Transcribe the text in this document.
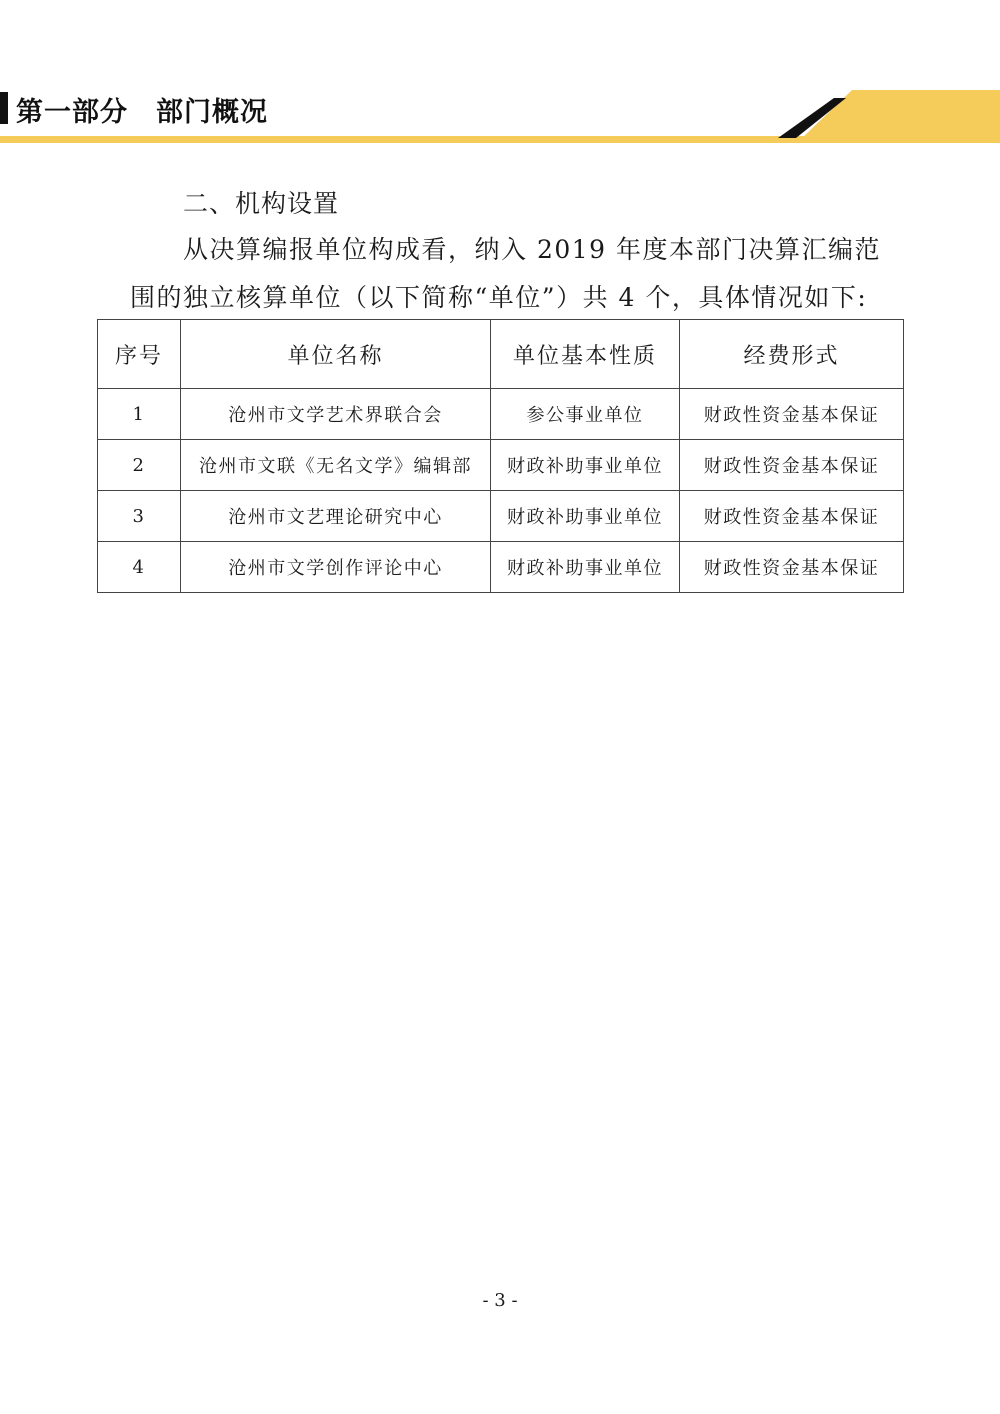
第一部分　部门概况
二、机构设置
从决算编报单位构成看，纳入 2019 年度本部门决算汇编范
围的独立核算单位（以下简称“单位”）共 4 个，具体情况如下:
序号	单位名称	单位基本性质	经费形式
1	沧州市文学艺术界联合会	参公事业单位	财政性资金基本保证
2	沧州市文联《无名文学》编辑部	财政补助事业单位	财政性资金基本保证
3	沧州市文艺理论研究中心	财政补助事业单位	财政性资金基本保证
4	沧州市文学创作评论中心	财政补助事业单位	财政性资金基本保证
- 3 -
